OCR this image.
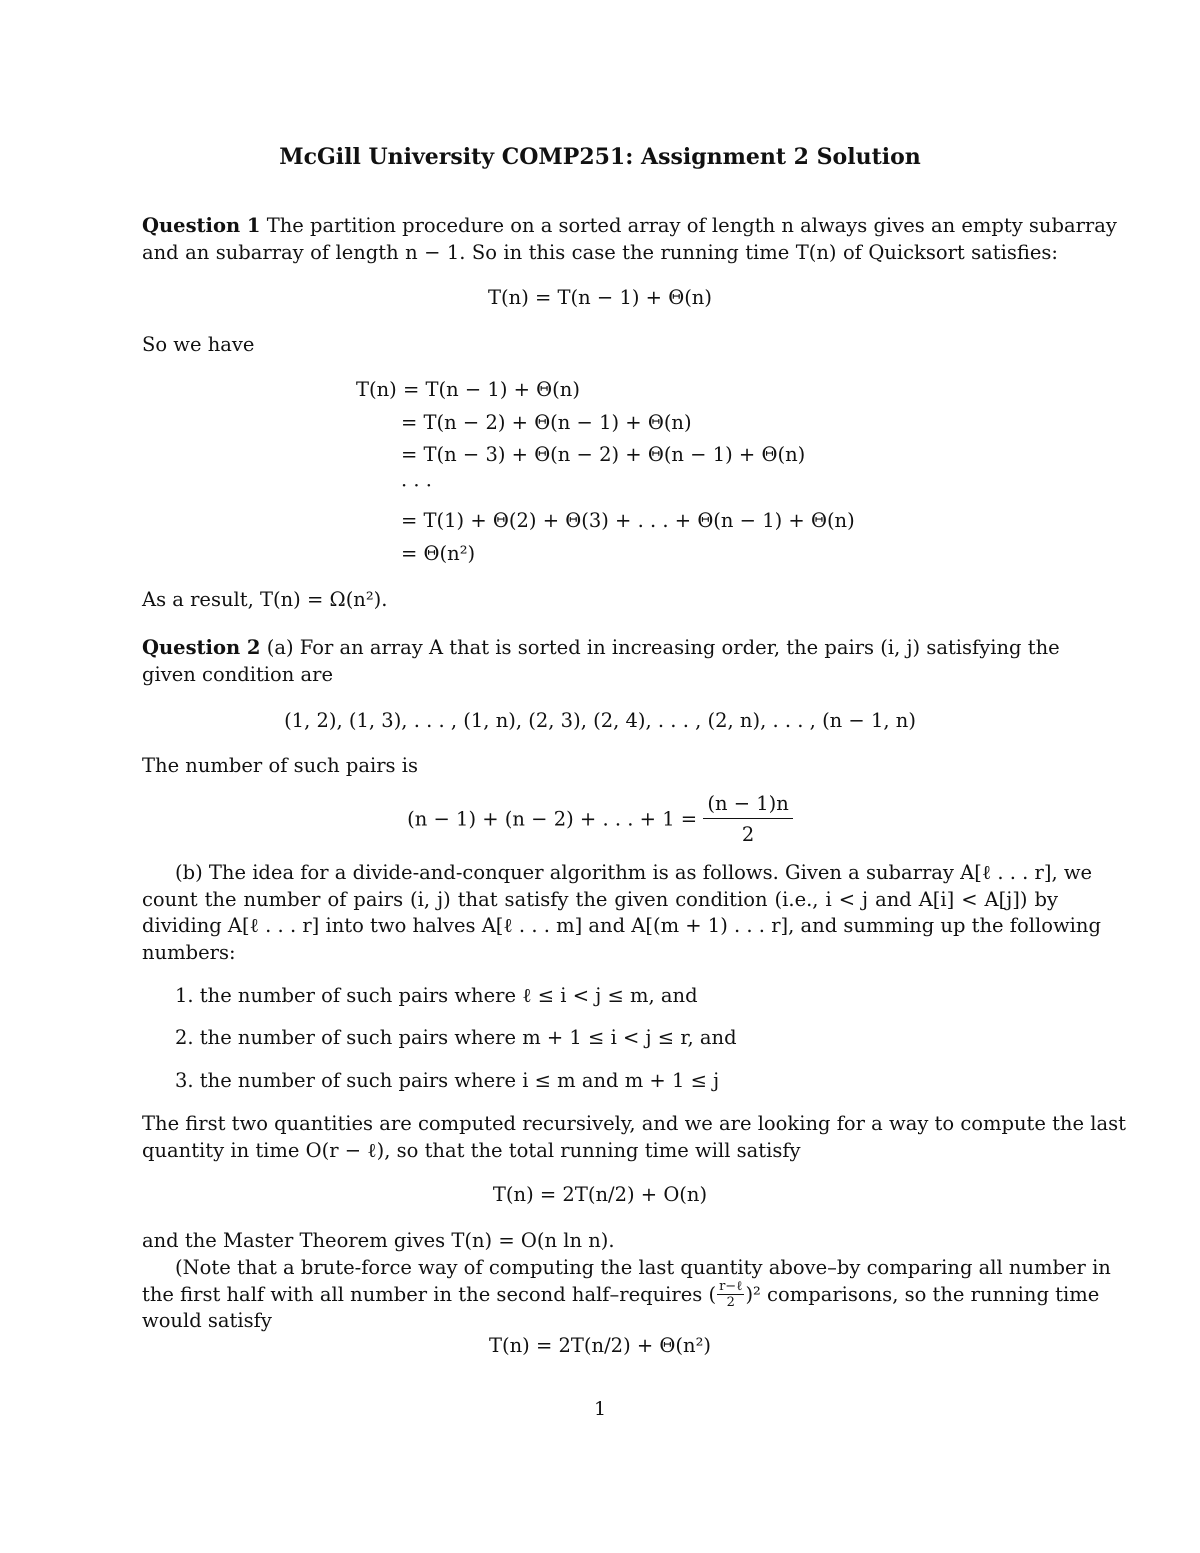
McGill University COMP251: Assignment 2 Solution
Question 1 The partition procedure on a sorted array of length n always gives an empty subarray
and an subarray of length n − 1. So in this case the running time T(n) of Quicksort satisfies:
T(n) = T(n − 1) + Θ(n)
So we have
T(n) = T(n − 1) + Θ(n)
= T(n − 2) + Θ(n − 1) + Θ(n)
= T(n − 3) + Θ(n − 2) + Θ(n − 1) + Θ(n)
· · ·
= T(1) + Θ(2) + Θ(3) + . . . + Θ(n − 1) + Θ(n)
= Θ(n²)
As a result, T(n) = Ω(n²).
Question 2 (a) For an array A that is sorted in increasing order, the pairs (i, j) satisfying the
given condition are
(1, 2), (1, 3), . . . , (1, n), (2, 3), (2, 4), . . . , (2, n), . . . , (n − 1, n)
The number of such pairs is
(n − 1) + (n − 2) + . . . + $1 = \frac{(n - 1)n}{2}$
(b) The idea for a divide-and-conquer algorithm is as follows. Given a subarray A[ℓ . . . r], we
count the number of pairs (i, j) that satisfy the given condition (i.e., i < j and A[i] < A[j]) by
dividing A[ℓ . . . r] into two halves A[ℓ . . . m] and A[(m + 1) . . . r], and summing up the following
numbers:
1. the number of such pairs where ℓ ≤ i < j ≤ m, and
2. the number of such pairs where m + 1 ≤ i < j ≤ r, and
3. the number of such pairs where i ≤ m and m + 1 ≤ j
The first two quantities are computed recursively, and we are looking for a way to compute the last
quantity in time O(r − ℓ), so that the total running time will satisfy
T(n) = 2T(n/2) + O(n)
and the Master Theorem gives T(n) = O(n ln n).
(Note that a brute-force way of computing the last quantity above–by comparing all number in
the first half with all number in the second half–requires ( $\frac{\text{r−ℓ}}{2} )^2$ comparisons, so the running time
would satisfy
T(n) = 2T(n/2) + Θ(n²)
1
